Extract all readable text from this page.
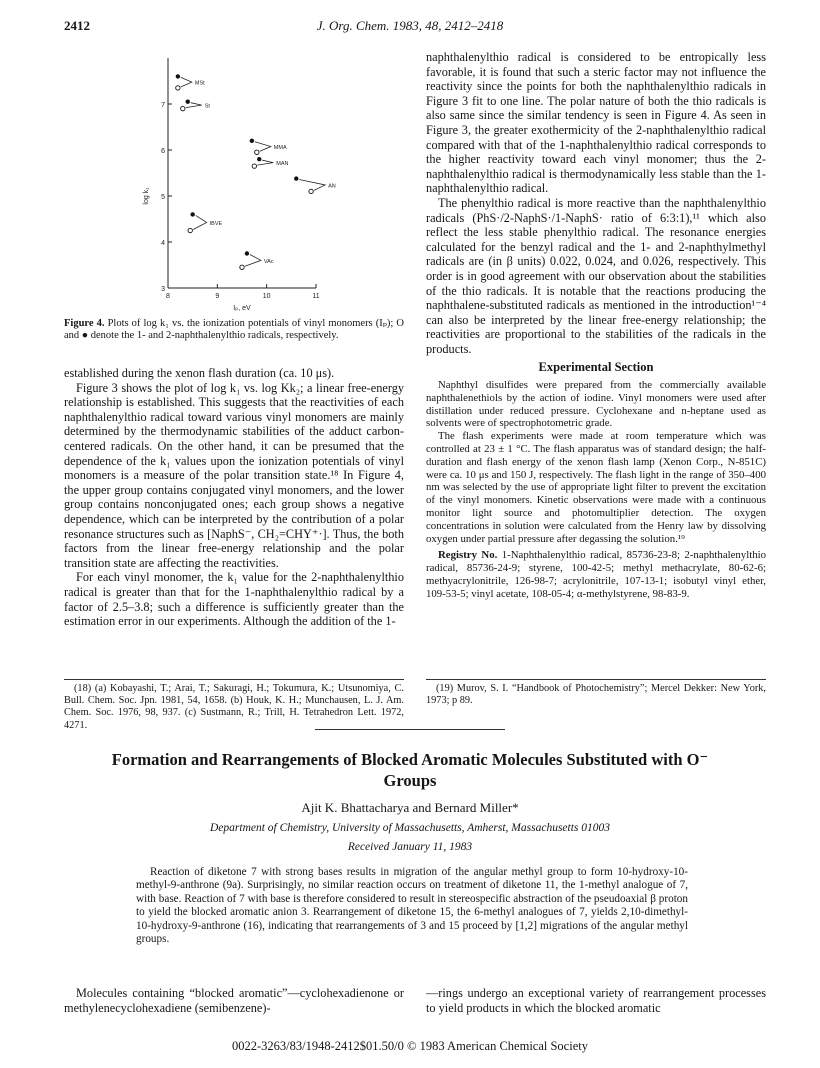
2412	J. Org. Chem. 1983, 48, 2412–2418
8	9	10	11
3
4
5
6
7
log k₁
Iₚ, eV
MSt
St
MMA
MAN
AN
IBVE
VAc
Figure 4. Plots of log k₁ vs. the ionization potentials of vinyl monomers (Iₚ); O and ● denote the 1- and 2-naphthalenylthio radicals, respectively.

established during the xenon flash duration (ca. 10 μs).

Figure 3 shows the plot of log k₁ vs. log Kk₂; a linear free-energy relationship is established. This suggests that the reactivities of each naphthalenylthio radical toward various vinyl monomers are mainly determined by the thermodynamic stabilities of the adduct carbon-centered radicals. On the other hand, it can be presumed that the dependence of the k₁ values upon the ionization potentials of vinyl monomers is a measure of the polar transition state.¹⁸ In Figure 4, the upper group contains conjugated vinyl monomers, and the lower group contains nonconjugated ones; each group shows a negative dependence, which can be interpreted by the contribution of a polar resonance structures such as [NaphS⁻, CH₂=CHY⁺·]. Thus, the both factors from the linear free-energy relationship and the polar transition state are affecting the reactivities.

For each vinyl monomer, the k₁ value for the 2-naphthalenylthio radical is greater than that for the 1-naphthalenylthio radical by a factor of 2.5–3.8; such a difference is sufficiently greater than the estimation error in our experiments. Although the addition of the 1-

naphthalenylthio radical is considered to be entropically less favorable, it is found that such a steric factor may not influence the reactivity since the points for both the naphthalenylthio radicals in Figure 3 fit to one line. The polar nature of both the thio radicals is also same since the similar tendency is seen in Figure 4. As seen in Figure 3, the greater exothermicity of the 2-naphthalenylthio radical compared with that of the 1-naphthalenylthio radical corresponds to the higher reactivity toward each vinyl monomer; thus the 2-naphthalenylthio radical is thermodynamically less stable than the 1-naphthalenylthio radical.

The phenylthio radical is more reactive than the naphthalenylthio radicals (PhS·/2-NaphS·/1-NaphS· ratio of 6:3:1),¹¹ which also reflect the less stable phenylthio radical. The resonance energies calculated for the benzyl radical and the 1- and 2-naphthylmethyl radicals are (in β units) 0.022, 0.024, and 0.026, respectively. This order is in good agreement with our observation about the stabilities of the thio radicals. It is notable that the reactions producing the naphthalene-substituted radicals as mentioned in the introduction¹⁻⁴ can also be interpreted by the linear free-energy relationship; the reactivities are proportional to the stabilities of the radicals in the products.

Experimental Section

Naphthyl disulfides were prepared from the commercially available naphthalenethiols by the action of iodine. Vinyl monomers were used after distillation under reduced pressure. Cyclohexane and n-heptane used as solvents were of spectrophotometric grade.

The flash experiments were made at room temperature which was controlled at 23 ± 1 °C. The flash apparatus was of standard design; the half-duration and flash energy of the xenon flash lamp (Xenon Corp., N-851C) were ca. 10 μs and 150 J, respectively. The flash light in the range of 350–400 nm was selected by the use of appropriate light filter to prevent the excitation of the vinyl monomers. Kinetic observations were made with a continuous monitor light source and photomultiplier detection. The oxygen concentrations in solution were calculated from the Henry law by dissolving oxygen under partial pressure after degassing the solution.¹⁹

Registry No. 1-Naphthalenylthio radical, 85736-23-8; 2-naphthalenylthio radical, 85736-24-9; styrene, 100-42-5; methyl methacrylate, 80-62-6; methyacrylonitrile, 126-98-7; acrylonitrile, 107-13-1; isobutyl vinyl ether, 109-53-5; vinyl acetate, 108-05-4; α-methylstyrene, 98-83-9.

(18) (a) Kobayashi, T.; Arai, T.; Sakuragi, H.; Tokumura, K.; Utsunomiya, C. Bull. Chem. Soc. Jpn. 1981, 54, 1658. (b) Houk, K. H.; Munchausen, L. J. Am. Chem. Soc. 1976, 98, 937. (c) Sustmann, R.; Trill, H. Tetrahedron Lett. 1972, 4271.

(19) Murov, S. I. “Handbook of Photochemistry”; Mercel Dekker: New York, 1973; p 89.

Formation and Rearrangements of Blocked Aromatic Molecules Substituted with O⁻ Groups
Ajit K. Bhattacharya and Bernard Miller*
Department of Chemistry, University of Massachusetts, Amherst, Massachusetts 01003
Received January 11, 1983
Reaction of diketone 7 with strong bases results in migration of the angular methyl group to form 10-hydroxy-10-methyl-9-anthrone (9a). Surprisingly, no similar reaction occurs on treatment of diketone 11, the 1-methyl analogue of 7, with base. Reaction of 7 with base is therefore considered to result in stereospecific abstraction of the pseudoaxial β proton to yield the blocked aromatic anion 3. Rearrangement of diketone 15, the 6-methyl analogues of 7, yields 2,10-dimethyl-10-hydroxy-9-anthrone (16), indicating that rearrangements of 3 and 15 proceed by [1,2] migrations of the angular methyl groups.

Molecules containing “blocked aromatic”—cyclohexadienone or methylenecyclohexadiene (semibenzene)-

—rings undergo an exceptional variety of rearrangement processes to yield products in which the blocked aromatic

0022-3263/83/1948-2412$01.50/0 © 1983 American Chemical Society
